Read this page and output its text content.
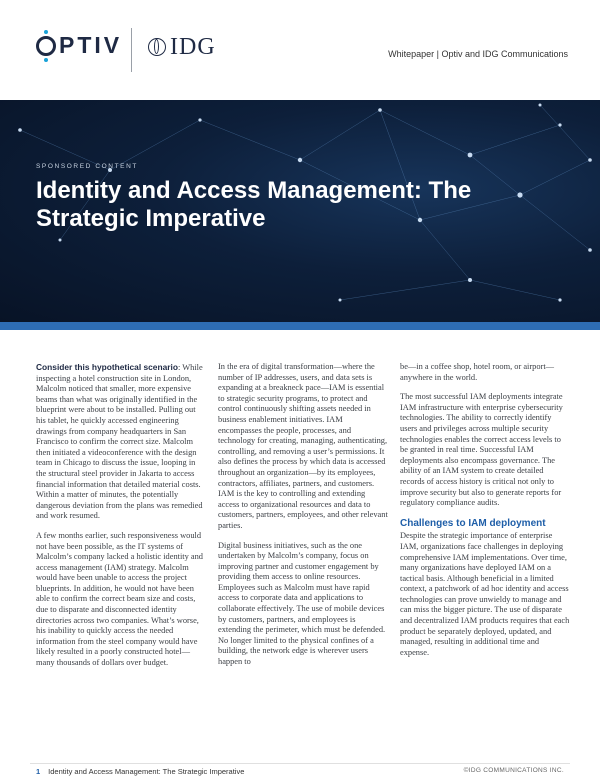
PTIV	IDG	Whitepaper | Optiv and IDG Communications
SPONSORED CONTENT
Identity and Access Management: The Strategic Imperative

Consider this hypothetical scenario: While inspecting a hotel construction site in London, Malcolm noticed that smaller, more expensive beams than what was originally identified in the blueprint were about to be installed. Pulling out his tablet, he quickly accessed engineering drawings from company headquarters in San Francisco to confirm the correct size. Malcolm then initiated a videoconference with the design team in Chicago to discuss the issue, looping in the structural steel provider in Jakarta to access financial information that detailed material costs. Within a matter of minutes, the potentially dangerous deviation from the plans was remedied and work resumed.

A few months earlier, such responsiveness would not have been possible, as the IT systems of Malcolm’s company lacked a holistic identity and access management (IAM) strategy. Malcolm would have been unable to access the project blueprints. In addition, he would not have been able to confirm the correct beam size and costs, due to disparate and disconnected identity directories across two companies. What’s worse, his inability to quickly access the needed information from the steel company would have likely resulted in a poorly constructed hotel—many thousands of dollars over budget.

In the era of digital transformation—where the number of IP addresses, users, and data sets is expanding at a breakneck pace—IAM is essential to strategic security programs, to protect and control continuously shifting assets needed in business enablement initiatives. IAM encompasses the people, processes, and technology for creating, managing, authenticating, controlling, and removing a user’s permissions. It also defines the process by which data is accessed throughout an organization—by its employees, contractors, affiliates, partners, and customers. IAM is the key to controlling and extending access to organizational resources and data to customers, partners, employees, and other relevant parties.

Digital business initiatives, such as the one undertaken by Malcolm’s company, focus on improving partner and customer engagement by providing them access to online resources. Employees such as Malcolm must have rapid access to corporate data and applications to collaborate effectively. The use of mobile devices by customers, partners, and employees is extending the perimeter, which must be defended. No longer limited to the physical confines of a building, the network edge is wherever users happen to

be—in a coffee shop, hotel room, or airport—anywhere in the world.

The most successful IAM deployments integrate IAM infrastructure with enterprise cybersecurity technologies. The ability to correctly identify users and privileges across multiple security technologies enables the correct access levels to be granted in real time. Successful IAM deployments also encompass governance. The ability of an IAM system to create detailed records of access history is critical not only to improve security but also to generate reports for regulatory compliance audits.

Challenges to IAM deployment

Despite the strategic importance of enterprise IAM, organizations face challenges in deploying comprehensive IAM implementations. Over time, many organizations have deployed IAM on a tactical basis. Although beneficial in a limited context, a patchwork of ad hoc identity and access technologies can prove unwieldy to manage and can miss the bigger picture. The use of disparate and decentralized IAM products requires that each product be separately deployed, updated, and managed, resulting in additional time and expense.

1 Identity and Access Management: The Strategic Imperative	©IDG COMMUNICATIONS INC.
